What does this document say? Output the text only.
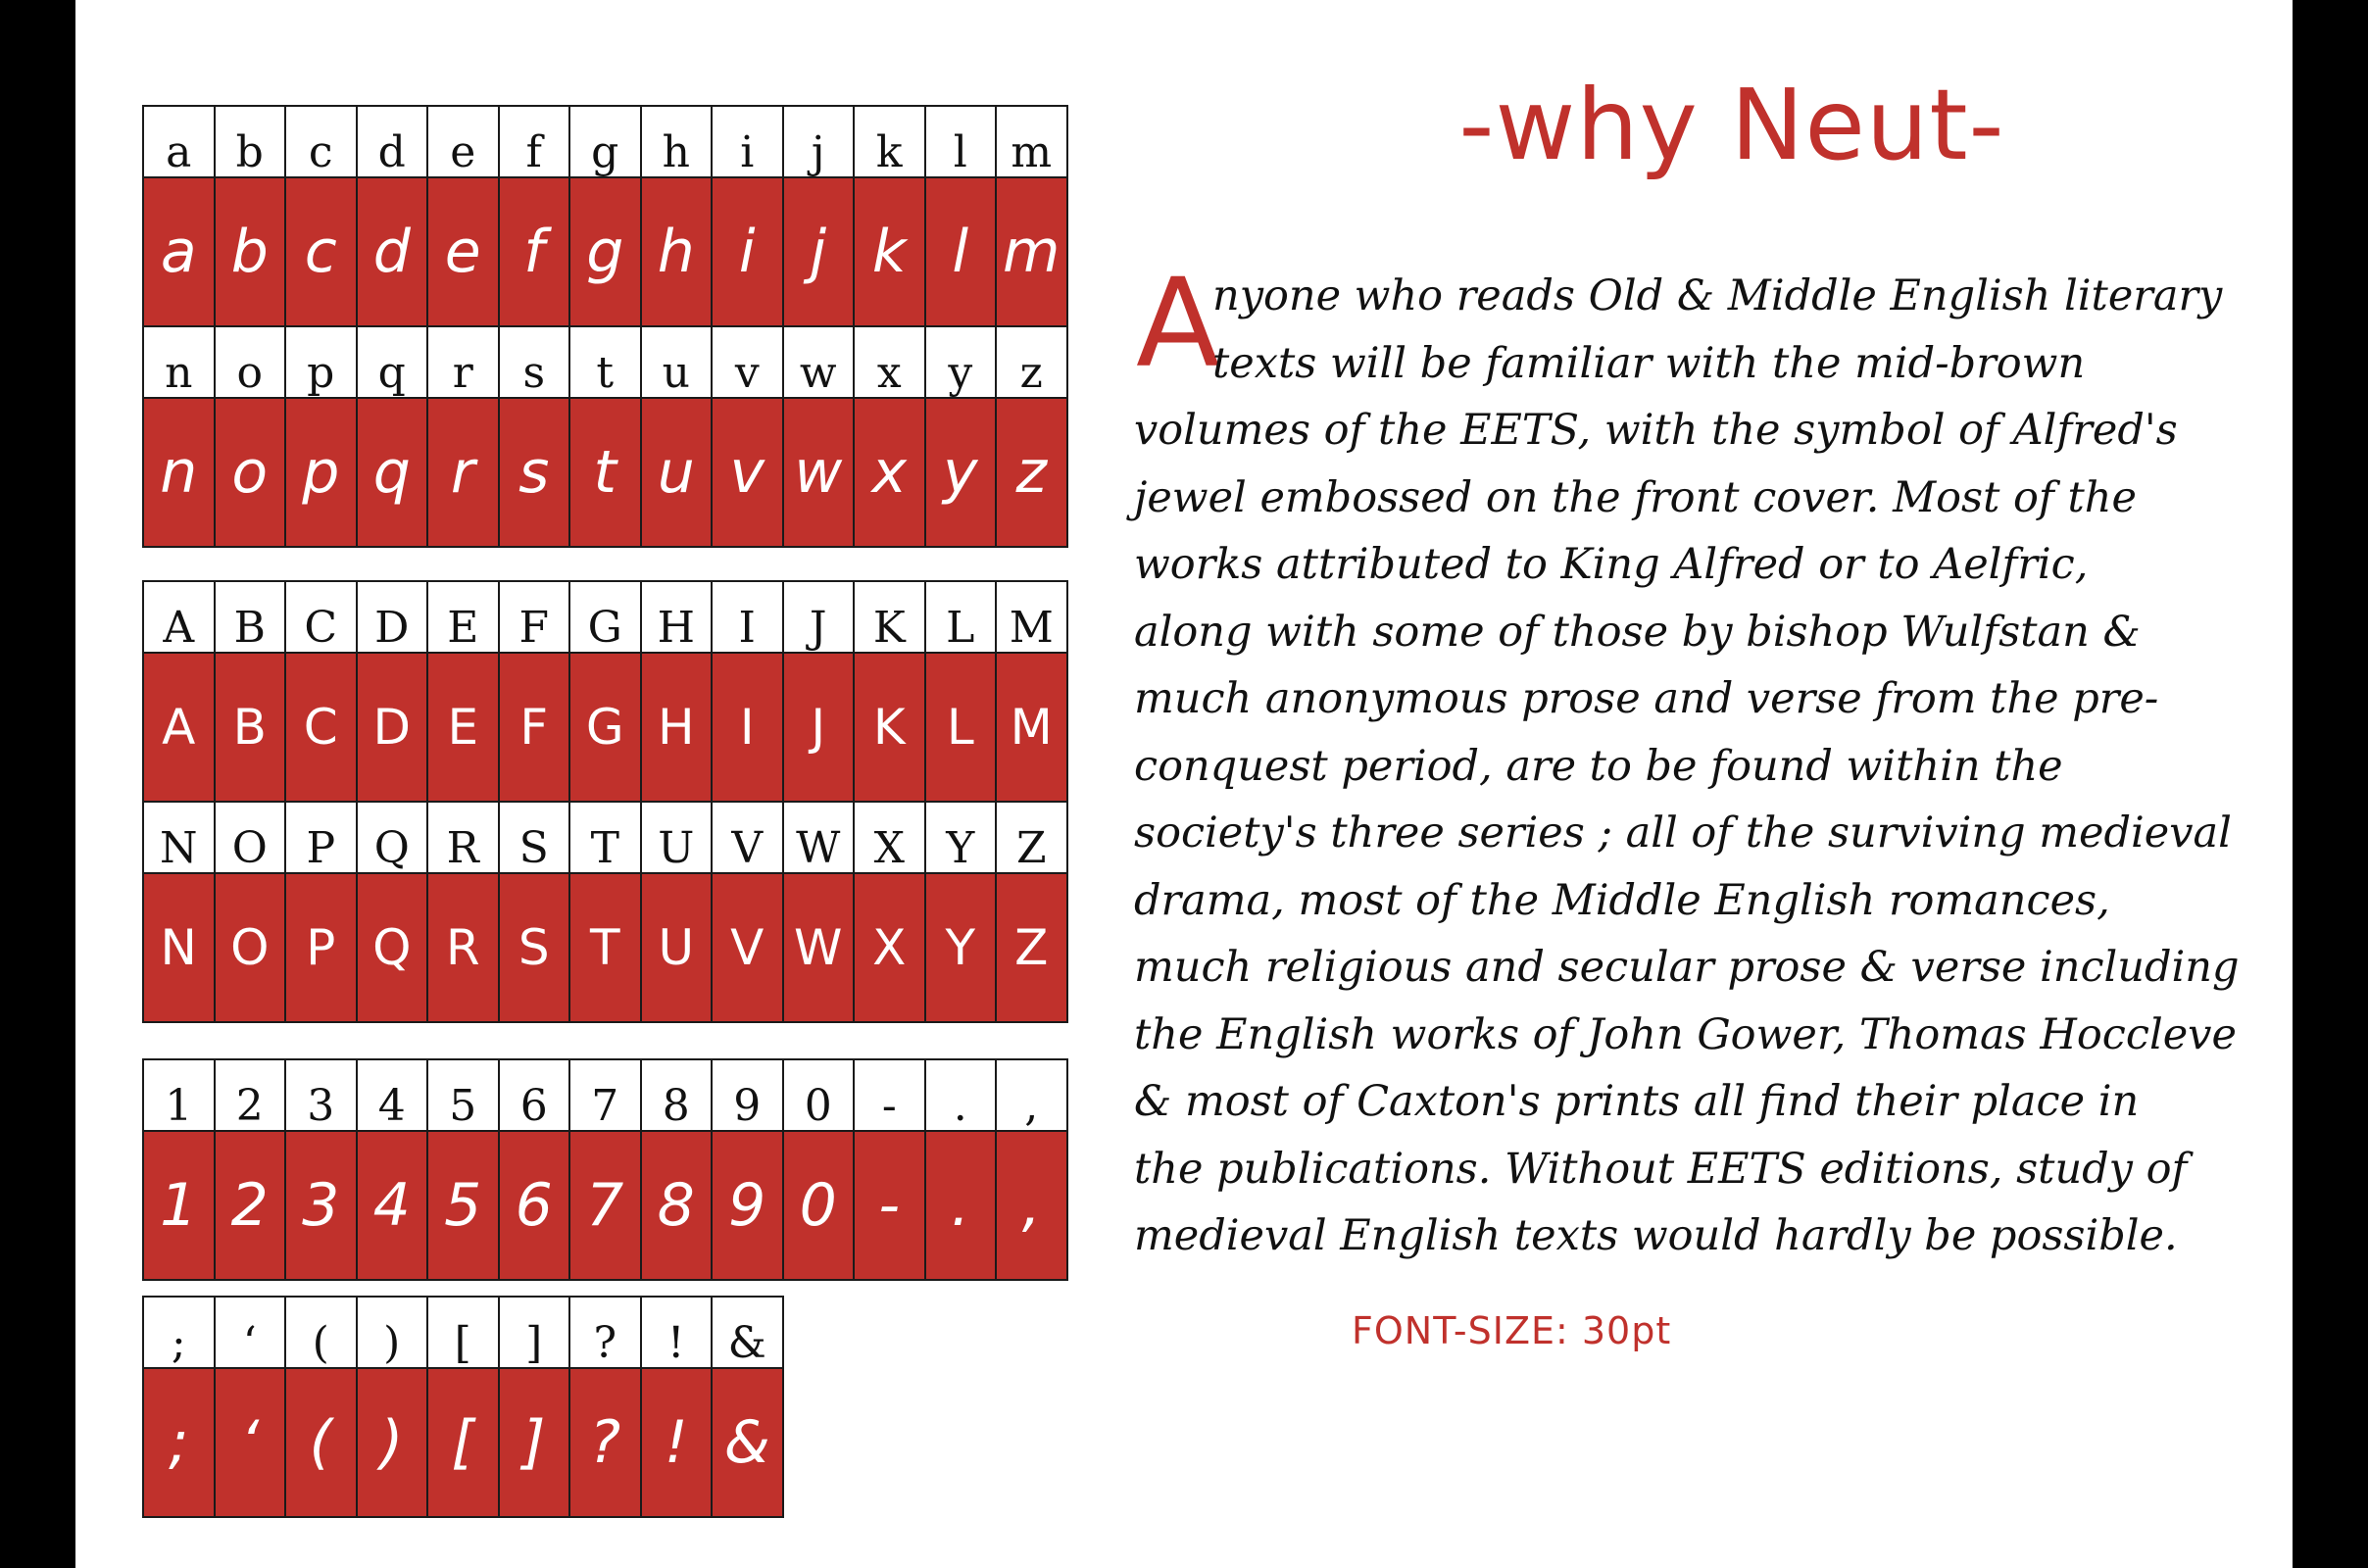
a	b	c	d	e	f	g	h	i	j	k	l	m
a b c d e f g h i j k l m
n	o	p	q	r	s	t	u	v w x	y	z
n o p q r s t u v w x y z
A B C D E F G H	I	J	K L M
A B C D E F G H I	J K L M
N O P Q R S T U V W X Y Z
N O P Q R S T U V W X Y Z
1	2	3	4	5	6	7	8	9	0	-	.	,
1 2 3 4 5 6 7 8 9 0 - . ,
;	‘	(	)	[	]	?	!	&
; ‘ ( ) [ ] ? ! &
-why Neut-
A
nyone who reads Old & Middle English literary
texts will be familiar with the mid-brown
volumes of the EETS, with the symbol of Alfred's
jewel embossed on the front cover. Most of the
works attributed to King Alfred or to Aelfric,
along with some of those by bishop Wulfstan &
much anonymous prose and verse from the pre-
conquest period, are to be found within the
society's three series ; all of the surviving medieval
drama, most of the Middle English romances,
much religious and secular prose & verse including
the English works of John Gower, Thomas Hoccleve
& most of Caxton's prints all find their place in
the publications. Without EETS editions, study of
medieval English texts would hardly be possible.
FONT-SIZE: 30pt
